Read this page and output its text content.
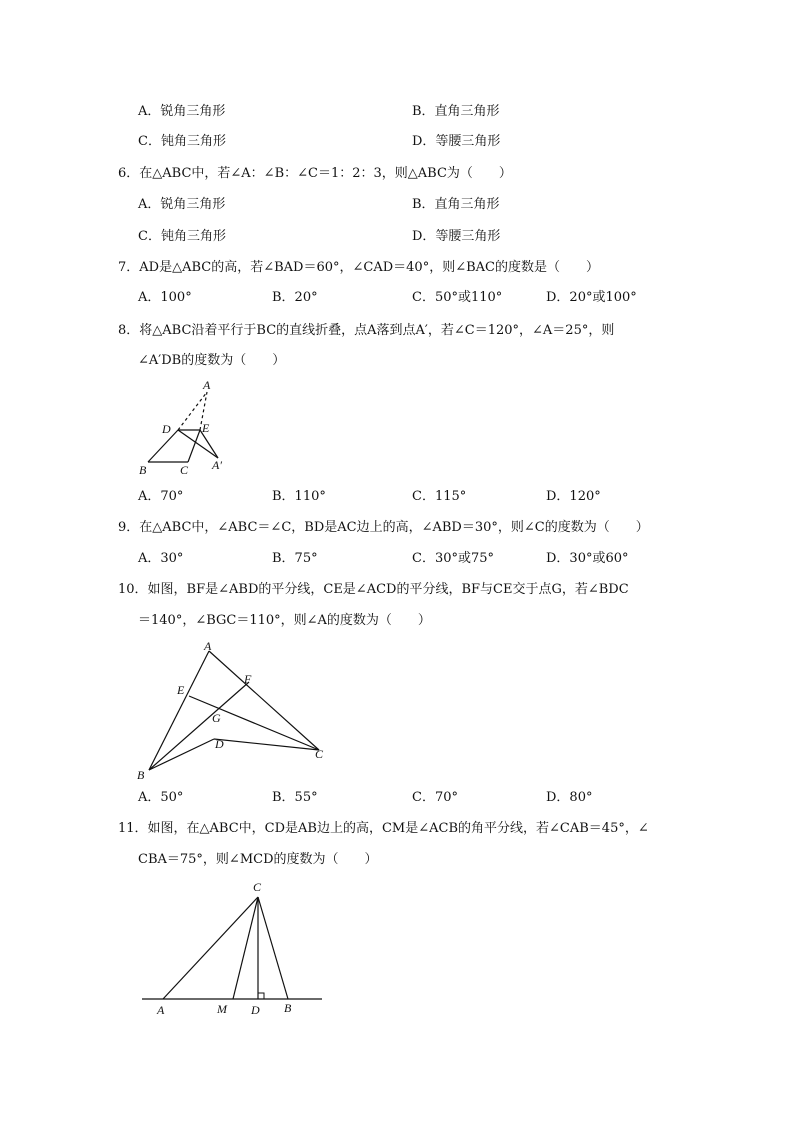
A．锐角三角形	B．直角三角形
C．钝角三角形	D．等腰三角形
6．在△ABC中，若∠A：∠B：∠C＝1：2：3，则△ABC为（　　）
A．锐角三角形	B．直角三角形
C．钝角三角形	D．等腰三角形
7．AD是△ABC的高，若∠BAD＝60°，∠CAD＝40°，则∠BAC的度数是（　　）
A．100°	B．20°	C．50°或110°	D．20°或100°
8．将△ABC沿着平行于BC的直线折叠，点A落到点A′，若∠C＝120°，∠A＝25°，则
∠A′DB的度数为（　　）
A
D	E
B	C A′
A．70°	B．110°	C．115°	D．120°
9．在△ABC中，∠ABC＝∠C，BD是AC边上的高，∠ABD＝30°，则∠C的度数为（　　）
A．30°	B．75°	C．30°或75°	D．30°或60°
10．如图，BF是∠ABD的平分线，CE是∠ACD的平分线，BF与CE交于点G，若∠BDC
＝140°，∠BGC＝110°，则∠A的度数为（　　）
A
F
E
G
D
C
B
A．50°	B．55°	C．70°	D．80°
11．如图，在△ABC中，CD是AB边上的高，CM是∠ACB的角平分线，若∠CAB＝45°，∠
CBA＝75°，则∠MCD的度数为（　　）
C
A	M D B
